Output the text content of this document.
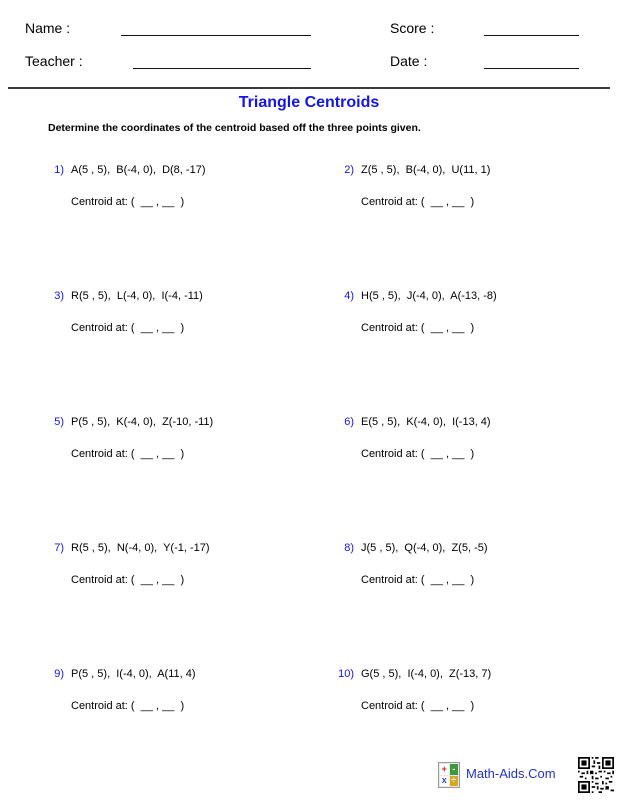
Name :	Score :
Teacher :	Date :
Triangle Centroids
Determine the coordinates of the centroid based off the three points given.
1) A(5 , 5),  B(-4, 0),  D(8, -17)
Centroid at: (  __ , __  )
2) Z(5 , 5),  B(-4, 0),  U(11, 1)
Centroid at: (  __ , __  )
3) R(5 , 5),  L(-4, 0),  I(-4, -11)
Centroid at: (  __ , __  )
4) H(5 , 5),  J(-4, 0),  A(-13, -8)
Centroid at: (  __ , __  )
5) P(5 , 5),  K(-4, 0),  Z(-10, -11)
Centroid at: (  __ , __  )
6) E(5 , 5),  K(-4, 0),  I(-13, 4)
Centroid at: (  __ , __  )
7) R(5 , 5),  N(-4, 0),  Y(-1, -17)
Centroid at: (  __ , __  )
8) J(5 , 5),  Q(-4, 0),  Z(5, -5)
Centroid at: (  __ , __  )
9) P(5 , 5),  I(-4, 0),  A(11, 4)
Centroid at: (  __ , __  )
10) G(5 , 5),  I(-4, 0),  Z(-13, 7)
Centroid at: (  __ , __  )
+ -
x ÷ Math-Aids.Com
